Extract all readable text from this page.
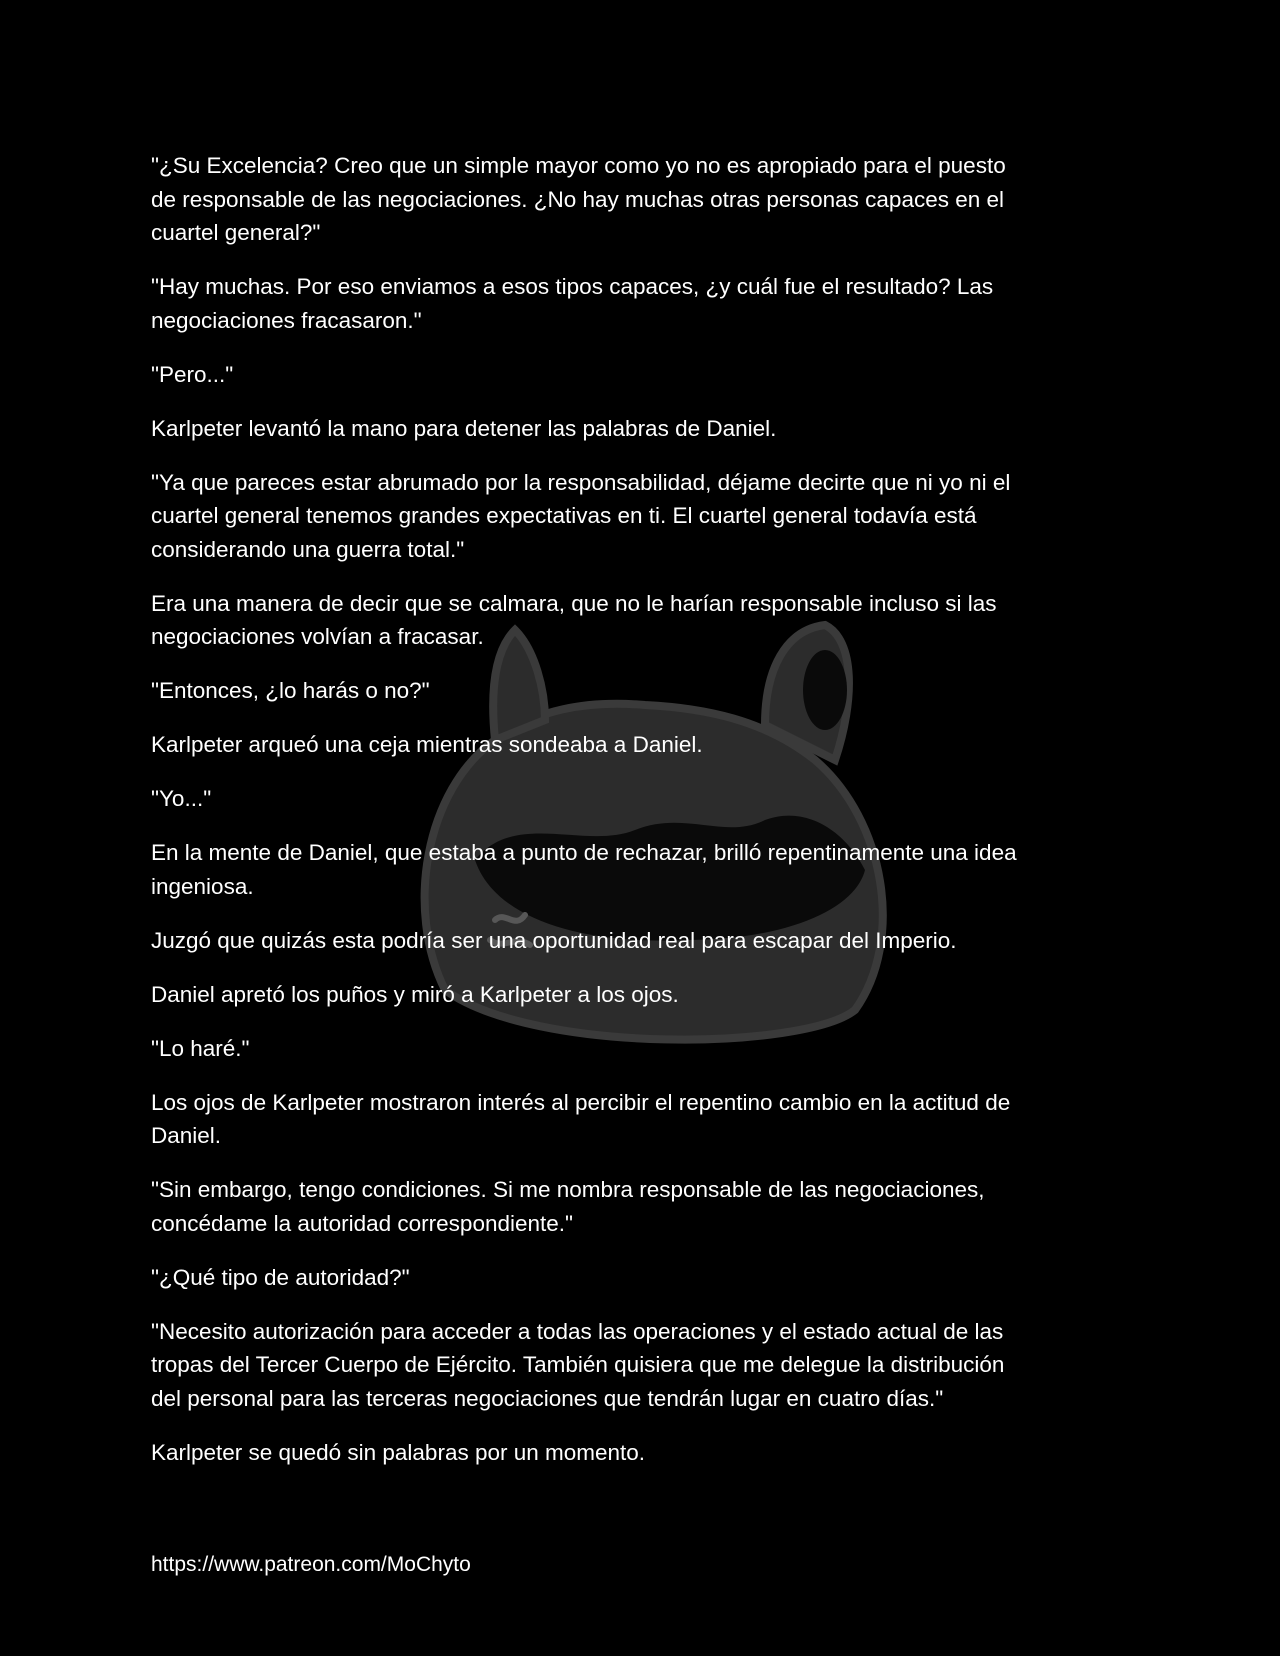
"¿Su Excelencia? Creo que un simple mayor como yo no es apropiado para el puesto
de responsable de las negociaciones. ¿No hay muchas otras personas capaces en el
cuartel general?"

"Hay muchas. Por eso enviamos a esos tipos capaces, ¿y cuál fue el resultado? Las
negociaciones fracasaron."

"Pero..."

Karlpeter levantó la mano para detener las palabras de Daniel.

"Ya que pareces estar abrumado por la responsabilidad, déjame decirte que ni yo ni el
cuartel general tenemos grandes expectativas en ti. El cuartel general todavía está
considerando una guerra total."

Era una manera de decir que se calmara, que no le harían responsable incluso si las
negociaciones volvían a fracasar.

"Entonces, ¿lo harás o no?"

Karlpeter arqueó una ceja mientras sondeaba a Daniel.

"Yo..."

En la mente de Daniel, que estaba a punto de rechazar, brilló repentinamente una idea
ingeniosa.

Juzgó que quizás esta podría ser una oportunidad real para escapar del Imperio.

Daniel apretó los puños y miró a Karlpeter a los ojos.

"Lo haré."

Los ojos de Karlpeter mostraron interés al percibir el repentino cambio en la actitud de
Daniel.

"Sin embargo, tengo condiciones. Si me nombra responsable de las negociaciones,
concédame la autoridad correspondiente."

"¿Qué tipo de autoridad?"

"Necesito autorización para acceder a todas las operaciones y el estado actual de las
tropas del Tercer Cuerpo de Ejército. También quisiera que me delegue la distribución
del personal para las terceras negociaciones que tendrán lugar en cuatro días."

Karlpeter se quedó sin palabras por un momento.

https://www.patreon.com/MoChyto
